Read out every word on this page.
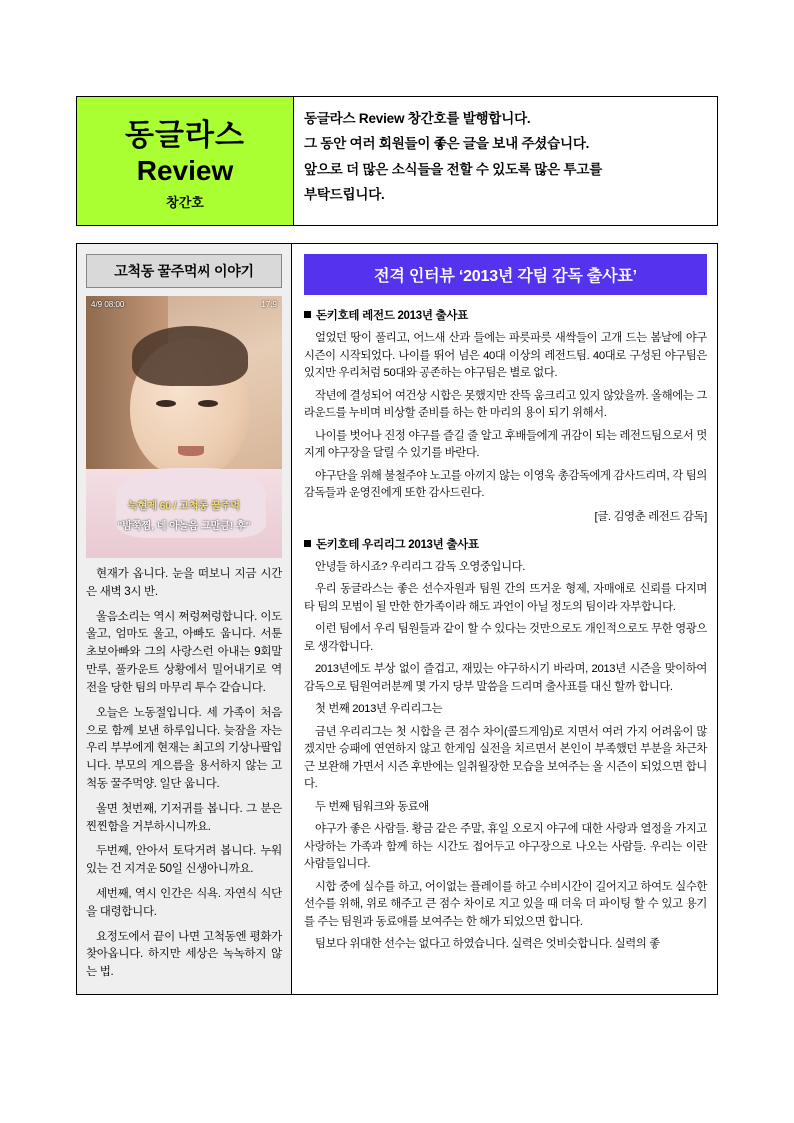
동글라스
Review
창간호

동글라스 Review 창간호를 발행합니다.

그 동안 여러 회원들이 좋은 글을 보내 주셨습니다.

앞으로 더 많은 소식들을 전할 수 있도록 많은 투고를

부탁드립니다.

고척동 꿀주먹씨 이야기
4/9 08:00	17:9
눅현제 60 / 고척동 꿀주먹
"밤쭉찜, 네 아놀음 그만큼! 후"

현재가 옵니다. 눈을 떠보니 지금 시간은 새벽 3시 반.

울음소리는 역시 쩌렁쩌렁합니다. 이도 울고, 엄마도 울고, 아빠도 웁니다. 서툰 초보아빠와 그의 사랑스런 아내는 9회말 만루, 풀카운트 상황에서 밀어내기로 역전을 당한 팀의 마무리 투수 같습니다.

오늘은 노동절입니다. 세 가족이 처음으로 함께 보낸 하루입니다. 늦잠을 자는 우리 부부에게 현재는 최고의 기상나팔입니다. 부모의 게으름을 용서하지 않는 고척동 꿀주먹양. 일단 웁니다.

울면 첫번째, 기저귀를 봅니다. 그 분은 찐찐함을 거부하시니까요.

두번째, 안아서 토닥거려 봅니다. 누워 있는 건 지겨운 50일 신생아니까요.

세번째, 역시 인간은 식욕. 자연식 식단을 대령합니다.

요정도에서 끝이 나면 고척동엔 평화가 찾아옵니다. 하지만 세상은 녹녹하지 않는 법.

전격 인터뷰 ‘2013년 각팀 감독 출사표’
돈키호테 레전드 2013년 출사표

얼었던 땅이 풀리고, 어느새 산과 들에는 파릇파릇 새싹들이 고개 드는 봄날에 야구 시즌이 시작되었다. 나이를 뛰어 넘은 40대 이상의 레전드팀. 40대로 구성된 야구팀은 있지만 우리처럼 50대와 공존하는 야구팀은 별로 없다.

작년에 결성되어 여건상 시합은 못했지만 잔뜩 움크리고 있지 않았을까. 올해에는 그라운드를 누비며 비상할 준비를 하는 한 마리의 용이 되기 위해서.

나이를 벗어나 진정 야구를 즐길 줄 알고 후배들에게 귀감이 되는 레전드팀으로서 멋지게 야구장을 달릴 수 있기를 바란다.

야구단을 위해 불철주야 노고를 아끼지 않는 이영욱 총감독에게 감사드리며, 각 팀의 감독들과 운영진에게 또한 감사드린다.

[글. 김영춘 레전드 감독]
돈키호테 우리리그 2013년 출사표

안녕들 하시죠? 우리리그 감독 오영중입니다.

우리 동글라스는 좋은 선수자원과 팀원 간의 뜨거운 형제, 자매애로 신뢰를 다지며 타 팀의 모범이 될 만한 한가족이라 해도 과언이 아닐 정도의 팀이라 자부합니다.

이런 팀에서 우리 팀원들과 같이 할 수 있다는 것만으로도 개인적으로도 무한 영광으로 생각합니다.

2013년에도 부상 없이 즐겁고, 재밌는 야구하시기 바라며, 2013년 시즌을 맞이하여 감독으로 팀원여러분께 몇 가지 당부 말씀을 드리며 출사표를 대신 할까 합니다.

첫 번째 2013년 우리리그는

금년 우리리그는 첫 시합을 큰 점수 차이(콜드게임)로 지면서 여러 가지 어려움이 많겠지만 승패에 연연하지 않고 한게임 실전을 치르면서 본인이 부족했던 부분을 차근차근 보완해 가면서 시즌 후반에는 일취월장한 모습을 보여주는 올 시즌이 되었으면 합니다.

두 번째 팀워크와 동료애

야구가 좋은 사람들. 황금 같은 주말, 휴일 오로지 야구에 대한 사랑과 열정을 가지고 사랑하는 가족과 함께 하는 시간도 접어두고 야구장으로 나오는 사람들. 우리는 이란 사람들입니다.

시합 중에 실수를 하고, 어이없는 플레이를 하고 수비시간이 길어지고 하여도 실수한 선수를 위해, 위로 해주고 큰 점수 차이로 지고 있을 때 더욱 더 파이팅 할 수 있고 용기를 주는 팀원과 동료애를 보여주는 한 해가 되었으면 합니다.

팀보다 위대한 선수는 없다고 하였습니다. 실력은 엇비슷합니다. 실력의 좋
